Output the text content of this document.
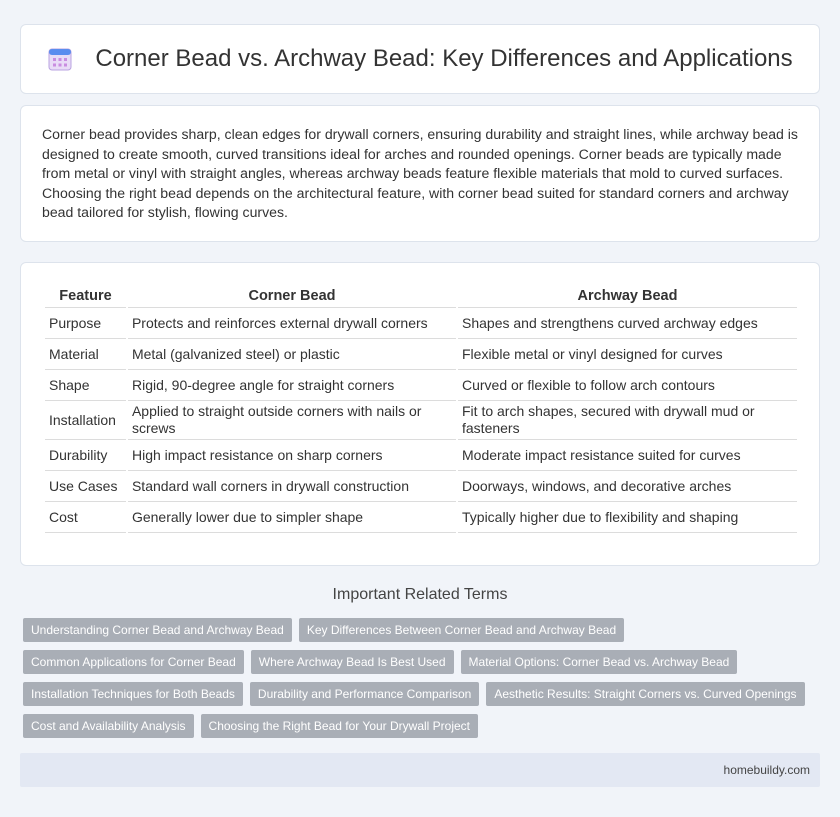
Corner Bead vs. Archway Bead: Key Differences and Applications

Corner bead provides sharp, clean edges for drywall corners, ensuring durability and straight lines, while archway bead is designed to create smooth, curved transitions ideal for arches and rounded openings. Corner beads are typically made from metal or vinyl with straight angles, whereas archway beads feature flexible materials that mold to curved surfaces. Choosing the right bead depends on the architectural feature, with corner bead suited for standard corners and archway bead tailored for stylish, flowing curves.

Feature	Corner Bead	Archway Bead
Purpose	Protects and reinforces external drywall corners	Shapes and strengthens curved archway edges
Material	Metal (galvanized steel) or plastic	Flexible metal or vinyl designed for curves
Shape	Rigid, 90-degree angle for straight corners	Curved or flexible to follow arch contours
Installation	Applied to straight outside corners with nails or screws	Fit to arch shapes, secured with drywall mud or fasteners
Durability	High impact resistance on sharp corners	Moderate impact resistance suited for curves
Use Cases	Standard wall corners in drywall construction	Doorways, windows, and decorative arches
Cost	Generally lower due to simpler shape	Typically higher due to flexibility and shaping
Important Related Terms
Understanding Corner Bead and Archway Bead	Key Differences Between Corner Bead and Archway Bead
Common Applications for Corner Bead	Where Archway Bead Is Best Used	Material Options: Corner Bead vs. Archway Bead
Installation Techniques for Both Beads	Durability and Performance Comparison	Aesthetic Results: Straight Corners vs. Curved Openings
Cost and Availability Analysis	Choosing the Right Bead for Your Drywall Project
homebuildy.com
